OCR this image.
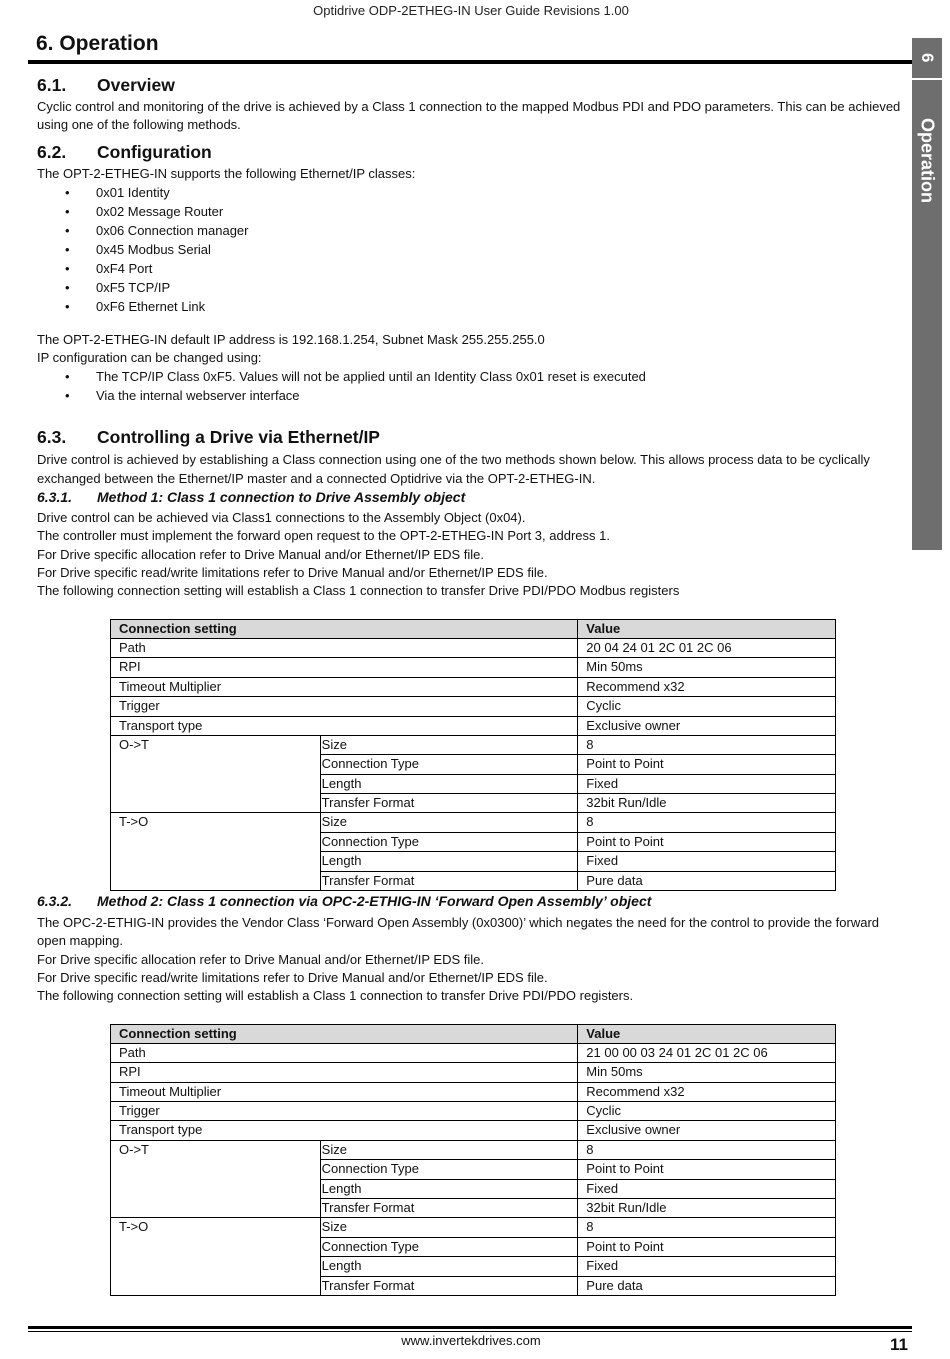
Optidrive ODP-2ETHEG-IN User Guide Revisions 1.00
6. Operation
6
Operation
6.1. Overview

Cyclic control and monitoring of the drive is achieved by a Class 1 connection to the mapped Modbus PDI and PDO parameters. This can be achieved using one of the following methods.

6.2. Configuration

The OPT-2-ETHEG-IN supports the following Ethernet/IP classes:

• 0x01 Identity
• 0x02 Message Router
• 0x06 Connection manager
• 0x45 Modbus Serial
• 0xF4 Port
• 0xF5 TCP/IP
• 0xF6 Ethernet Link

The OPT-2-ETHEG-IN default IP address is 192.168.1.254, Subnet Mask 255.255.255.0

IP configuration can be changed using:

• The TCP/IP Class 0xF5. Values will not be applied until an Identity Class 0x01 reset is executed
• Via the internal webserver interface
6.3. Controlling a Drive via Ethernet/IP

Drive control is achieved by establishing a Class connection using one of the two methods shown below. This allows process data to be cyclically exchanged between the Ethernet/IP master and a connected Optidrive via the OPT-2-ETHEG-IN.

6.3.1. Method 1: Class 1 connection to Drive Assembly object

Drive control can be achieved via Class1 connections to the Assembly Object (0x04).

The controller must implement the forward open request to the OPT-2-ETHEG-IN Port 3, address 1.

For Drive specific allocation refer to Drive Manual and/or Ethernet/IP EDS file.

For Drive specific read/write limitations refer to Drive Manual and/or Ethernet/IP EDS file.

The following connection setting will establish a Class 1 connection to transfer Drive PDI/PDO Modbus registers

Connection setting		Value
Path		20 04 24 01 2C 01 2C 06
RPI		Min 50ms
Timeout Multiplier		Recommend x32
Trigger		Cyclic
Transport type		Exclusive owner
O->T	Size	8
	Connection Type	Point to Point
	Length	Fixed
	Transfer Format	32bit Run/Idle
T->O	Size	8
	Connection Type	Point to Point
	Length	Fixed
	Transfer Format	Pure data
6.3.2. Method 2: Class 1 connection via OPC-2-ETHIG-IN ‘Forward Open Assembly’ object

The OPC-2-ETHIG-IN provides the Vendor Class ‘Forward Open Assembly (0x0300)’ which negates the need for the control to provide the forward open mapping.

For Drive specific allocation refer to Drive Manual and/or Ethernet/IP EDS file.

For Drive specific read/write limitations refer to Drive Manual and/or Ethernet/IP EDS file.

The following connection setting will establish a Class 1 connection to transfer Drive PDI/PDO registers.

Connection setting		Value
Path		21 00 00 03 24 01 2C 01 2C 06
RPI		Min 50ms
Timeout Multiplier		Recommend x32
Trigger		Cyclic
Transport type		Exclusive owner
O->T	Size	8
	Connection Type	Point to Point
	Length	Fixed
	Transfer Format	32bit Run/Idle
T->O	Size	8
	Connection Type	Point to Point
	Length	Fixed
	Transfer Format	Pure data
www.invertekdrives.com	11
